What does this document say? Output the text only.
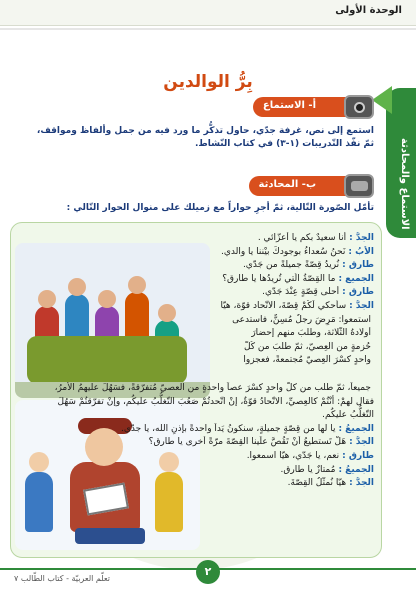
الوحدة الأولى
بِرُّ الوالدين
الاستماع والمحادثة
أ- الاستماع
استمع إلى نص، غرفة جدّي، حاول تذكُّر ما ورد فيه من جمل وألفاظ ومواقف، ثمّ نفّذ التّدريبات (١-٣) في كتاب النّشاط.
ب- المحادثة
تأمّل الصّورة التّالية، ثمّ أجرِ حواراً مع زميلك على منوال الحوار التّالي :
الجدُّ :أنا سعيدٌ بكم يا أعزّائي .
الأبُ :نَحنُ سُعداءُ بوجودكَ بيْننا يا والدي.
طارق :نُريدُ قِصّةً جميلةً من جَدّي.
الجميع :ما القِصّةُ الّتي تُريدُها يا طارق؟
طارق :أحلى قِصّةٍ عِنْدَ جَدّي.
الجدُّ :سأحكي لَكُمْ قِصّةَ، الاتّحاد قوّة، هيّا
استمعوا: مَرِضَ رجلٌ مُسِنٌّ، فاستدعى
أولادهُ الثّلاثة، وطلبَ منهم إحضارَ
حُزمةٍ من العِصيّ، ثمّ طلبَ من كُلّ
واحدٍ كسْرَ العِصيّ مُجتمعةً، فعجزوا
جميعاً، ثمّ طلب من كلّ واحدٍ كسْرَ عصاً واحدةٍ من العصيّ مُتفرّقةً، فسَهُلَ عليهمُ الأمرُ، فقال لهمْ: أنْتُمْ كالعِصيِّ، الاتّحادُ قوّةٌ، إنْ اتّحدتُمْ صَعُبَ التّغلُّبُ عليكُم، وإنْ تفرّقتُمْ سَهُلَ التّغلُّبُ عليكُم.
الجميعُ :يا لها من قِصّةٍ جميلةٍ، سنكونُ يَداً واحدةً بإذنِ الله، يا جدّي.
الجدُّ :هَلْ تَستطيعُ أنْ تَقُصَّ علَينا القِصّةَ مرّةً أخرى يا طارق؟
طارق :نعم، يا جَدّي، هيّا اسمعوا.
الجميعُ :مُمتازٌ يا طارق.
الجدُّ :هيّا نُمثّلُ القِصّةَ.
٢
تعلّم العربيّة - كتاب الطّالب ٧
